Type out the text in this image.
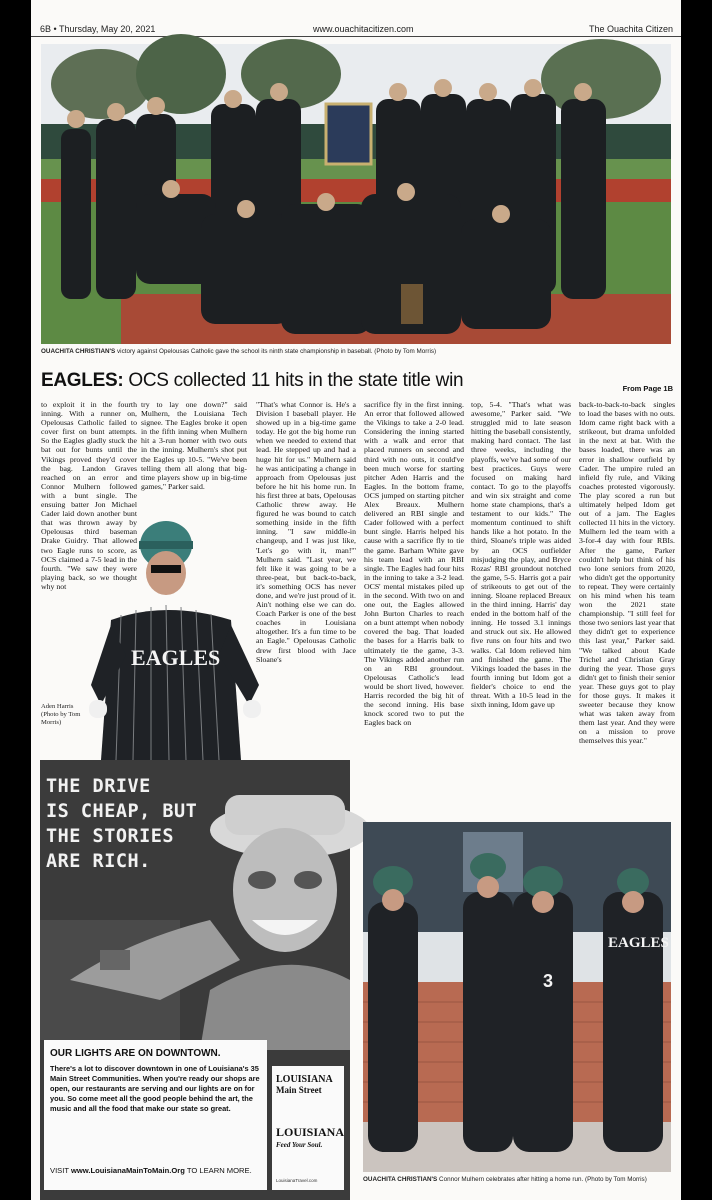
6B • Thursday, May 20, 2021	www.ouachitacitizen.com	The Ouachita Citizen
OUACHITA CHRISTIAN'S victory against Opelousas Catholic gave the school its ninth state championship in baseball. (Photo by Tom Morris)
EAGLES: OCS collected 11 hits in the state title win	From Page 1B
to exploit it in the fourth inning. With a runner on, Opelousas Catholic failed to cover first on bunt attempts. So the Eagles gladly stuck the bat out for bunts until the Vikings proved they'd cover the bag. Landon Graves reached on an error and Connor Mulhern followed with a bunt single. The ensuing batter Jon Michael Cader laid down another bunt that was thrown away by Opelousas third baseman Drake Guidry. That allowed two Eagle runs to score, as OCS claimed a 7-5 lead in the fourth. "We saw they were playing back, so we thought why not
try to lay one down?" said Mulhern, the Louisiana Tech signee. The Eagles broke it open in the fifth inning when Mulhern hit a 3-run homer with two outs in the inning. Mulhern's shot put the Eagles up 10-5. "We've been telling them all along that big-time players show up in big-time games," Parker said.
"That's what Connor is. He's a Division I baseball player. He showed up in a big-time game today. He got the big home run when we needed to extend that lead. He stepped up and had a huge hit for us." Mulhern said he was anticipating a change in approach from Opelousas just before he hit his home run. In his first three at bats, Opelousas Catholic threw away. He figured he was bound to catch something inside in the fifth inning. "I saw middle-in changeup, and I was just like, 'Let's go with it, man!'" Mulhern said. "Last year, we felt like it was going to be a three-peat, but back-to-back, it's something OCS has never done, and we're just proud of it. Ain't nothing else we can do. Coach Parker is one of the best coaches in Louisiana altogether. It's a fun time to be an Eagle." Opelousas Catholic drew first blood with Jace Sloane's
sacrifice fly in the first inning. An error that followed allowed the Vikings to take a 2-0 lead. Considering the inning started with a walk and error that placed runners on second and third with no outs, it could've been much worse for starting pitcher Aden Harris and the Eagles. In the bottom frame, OCS jumped on starting pitcher Alex Breaux. Mulhern delivered an RBI single and Cader followed with a perfect bunt single. Harris helped his cause with a sacrifice fly to tie the game. Barham White gave his team lead with an RBI single. The Eagles had four hits in the inning to take a 3-2 lead. OCS' mental mistakes piled up in the second. With two on and one out, the Eagles allowed John Burton Charles to reach on a bunt attempt when nobody covered the bag. That loaded the bases for a Harris balk to ultimately tie the game, 3-3. The Vikings added another run on an RBI groundout. Opelousas Catholic's lead would be short lived, however. Harris recorded the big hit of the second inning. His base knock scored two to put the Eagles back on
top, 5-4. "That's what was awesome," Parker said. "We struggled mid to late season hitting the baseball consistently, making hard contact. The last three weeks, including the playoffs, we've had some of our best practices. Guys were focused on making hard contact. To go to the playoffs and win six straight and come home state champions, that's a testament to our kids." The momentum continued to shift hands like a hot potato. In the third, Sloane's triple was aided by an OCS outfielder misjudging the play, and Bryce Rozas' RBI groundout notched the game, 5-5. Harris got a pair of strikeouts to get out of the inning. Sloane replaced Breaux in the third inning. Harris' day ended in the bottom half of the inning. He tossed 3.1 innings and struck out six. He allowed five runs on four hits and two walks. Cal Idom relieved him and finished the game. The Vikings loaded the bases in the fourth inning but Idom got a fielder's choice to end the threat. With a 10-5 lead in the sixth inning, Idom gave up
back-to-back-to-back singles to load the bases with no outs. Idom came right back with a strikeout, but drama unfolded in the next at bat. With the bases loaded, there was an error in shallow outfield by Cader. The umpire ruled an infield fly rule, and Viking coaches protested vigorously. The play scored a run but ultimately helped Idom get out of a jam. The Eagles collected 11 hits in the victory. Mulhern led the team with a 3-for-4 day with four RBIs. After the game, Parker couldn't help but think of his two lone seniors from 2020, who didn't get the opportunity to repeat. They were certainly on his mind when his team won the 2021 state championship. "I still feel for those two seniors last year that they didn't get to experience this last year," Parker said. "We talked about Kade Trichel and Christian Gray during the year. Those guys didn't get to finish their senior year. These guys got to play for those guys. It makes it sweeter because they know what was taken away from them last year. And they were on a mission to prove themselves this year."
EAGLES
Aden Harris (Photo by Tom Morris)
THE DRIVE
IS CHEAP, BUT
THE STORIES
ARE RICH.
OUR LIGHTS ARE ON DOWNTOWN.
There's a lot to discover downtown in one of Louisiana's 35 Main Street Communities. When you're ready our shops are open, our restaurants are serving and our lights are on for you. So come meet all the good people behind the art, the music and all the food that make our state so great.
VISIT www.LouisianaMainToMain.Org TO LEARN MORE.
LOUISIANA
Main Street
LOUISIANA
Feed Your Soul.
LouisianaTravel.com
EAGLES
3
OUACHITA CHRISTIAN'S Connor Mulhern celebrates after hitting a home run. (Photo by Tom Morris)
